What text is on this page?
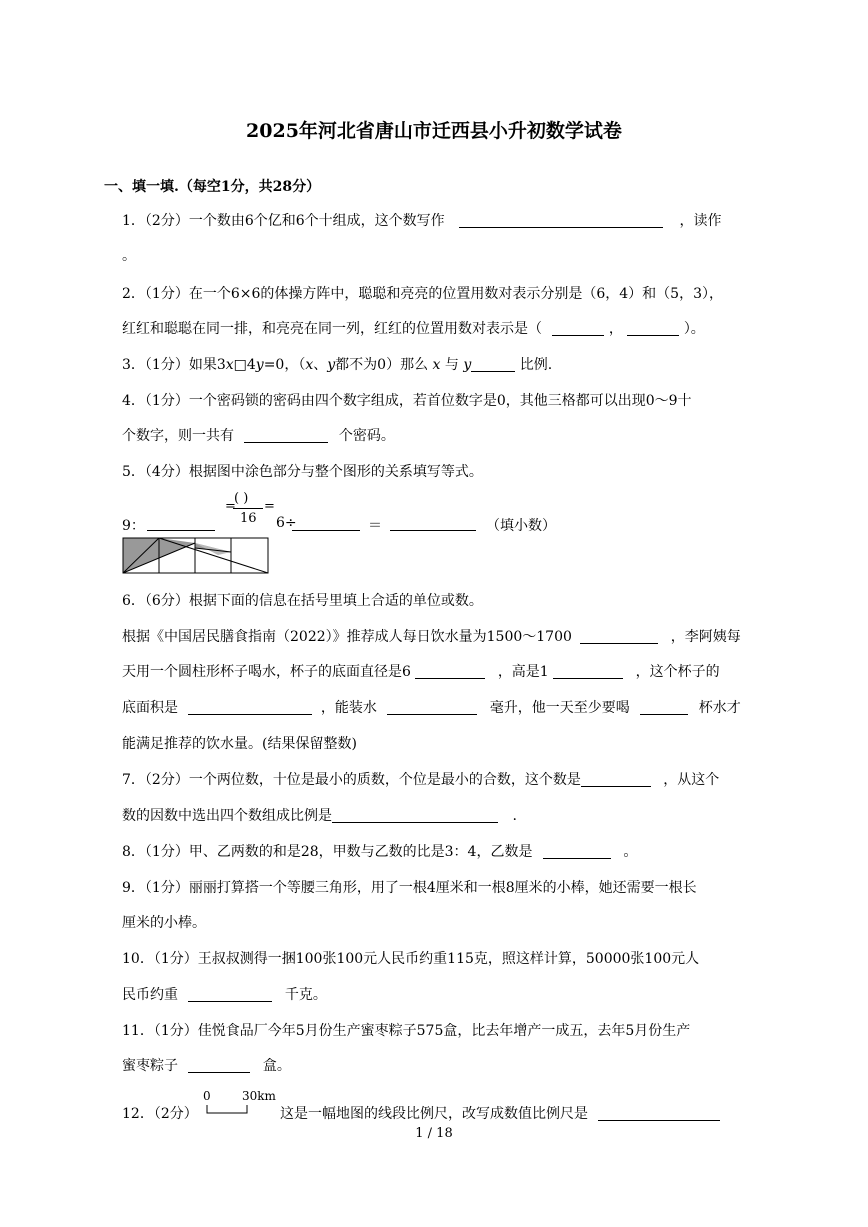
2025年河北省唐山市迁西县小升初数学试卷
一、填一填.（每空1分，共28分）
1．（2分）一个数由6个亿和6个十组成，这个数写作	，读作
。
2．（1分）在一个6×6的体操方阵中，聪聪和亮亮的位置用数对表示分别是（6，4）和（5，3），
红红和聪聪在同一排，和亮亮在同一列，红红的位置用数对表示是（	，	）。
3．（1分）如果3x□4y=0，（x、y都不为0）那么 x 与 y	比例.
4．（1分）一个密码锁的密码由四个数字组成，若首位数字是0，其他三格都可以出现0～9十
个数字，则一共有	个密码。
5．（4分）根据图中涂色部分与整个图形的关系填写等式。
=
( )
=
16
9：	6÷	＝	（填小数）
6．（6分）根据下面的信息在括号里填上合适的单位或数。
根据《中国居民膳食指南（2022）》推荐成人每日饮水量为1500～1700	，李阿姨每
天用一个圆柱形杯子喝水，杯子的底面直径是6	，高是1	，这个杯子的
底面积是	，能装水	毫升，他一天至少要喝	杯水才
能满足推荐的饮水量。(结果保留整数)
7．（2分）一个两位数，十位是最小的质数，个位是最小的合数，这个数是	，从这个
数的因数中选出四个数组成比例是	.
8．（1分）甲、乙两数的和是28，甲数与乙数的比是3：4，乙数是	。
9．（1分）丽丽打算搭一个等腰三角形，用了一根4厘米和一根8厘米的小棒，她还需要一根长
厘米的小棒。
10．（1分）王叔叔测得一捆100张100元人民币约重115克，照这样计算，50000张100元人
民币约重	千克。
11．（1分）佳悦食品厂今年5月份生产蜜枣粽子575盒，比去年增产一成五，去年5月份生产
蜜枣粽子	盒。
12．（2分）
0	30km
这是一幅地图的线段比例尺，改写成数值比例尺是
1 / 18
